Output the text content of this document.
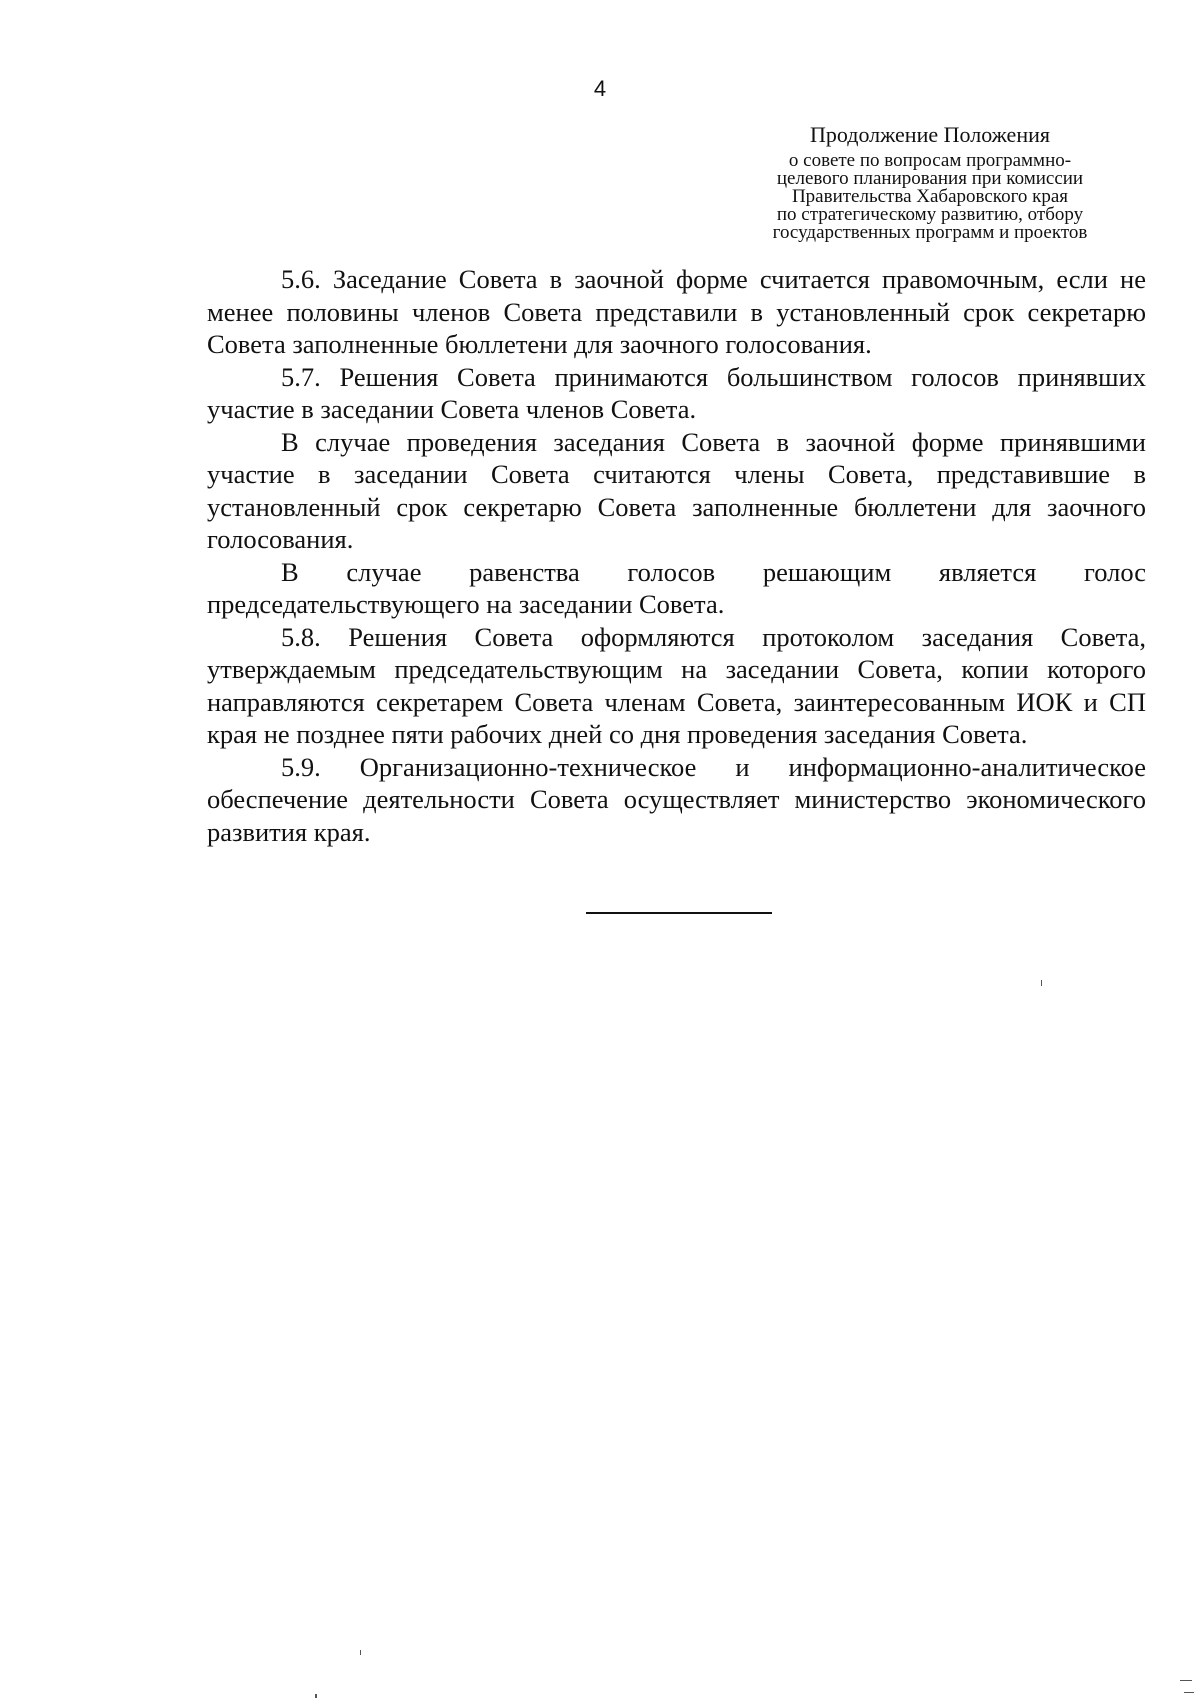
4
Продолжение Положения
о совете по вопросам программно-
целевого планирования при комиссии
Правительства Хабаровского края
по стратегическому развитию, отбору
государственных программ и проектов

5.6. Заседание Совета в заочной форме считается правомочным, если не менее половины членов Совета представили в установленный срок секретарю Совета заполненные бюллетени для заочного голосования.

5.7. Решения Совета принимаются большинством голосов принявших участие в заседании Совета членов Совета.

В случае проведения заседания Совета в заочной форме принявшими участие в заседании Совета считаются члены Совета, представившие в установленный срок секретарю Совета заполненные бюллетени для заочного голосования.

В случае равенства голосов решающим является голос председательствующего на заседании Совета.

5.8. Решения Совета оформляются протоколом заседания Совета, утверждаемым председательствующим на заседании Совета, копии которого направляются секретарем Совета членам Совета, заинтересованным ИОК и СП края не позднее пяти рабочих дней со дня проведения заседания Совета.

5.9. Организационно-техническое и информационно-аналитическое обеспечение деятельности Совета осуществляет министерство экономического развития края.
